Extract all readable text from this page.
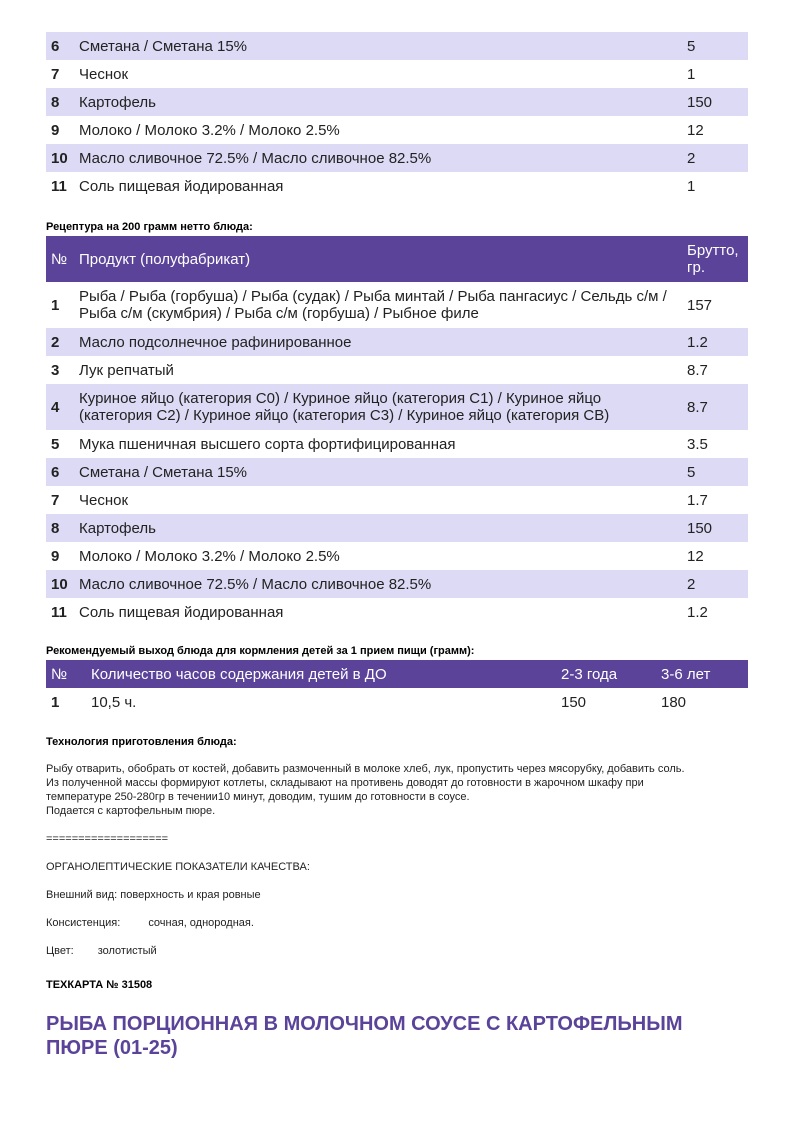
6	Сметана / Сметана 15%	5
7	Чеснок	1
8	Картофель	150
9	Молоко / Молоко 3.2% / Молоко 2.5%	12
10	Масло сливочное 72.5% / Масло сливочное 82.5%	2
11	Соль пищевая йодированная	1

Рецептура на 200 грамм нетто блюда:

№	Продукт (полуфабрикат)	Брутто, гр.
1	Рыба / Рыба (горбуша) / Рыба (судак) / Рыба минтай / Рыба пангасиус / Сельдь с/м / Рыба с/м (скумбрия) / Рыба с/м (горбуша) / Рыбное филе	157
2	Масло подсолнечное рафинированное	1.2
3	Лук репчатый	8.7
4	Куриное яйцо (категория С0) / Куриное яйцо (категория С1) / Куриное яйцо (категория С2) / Куриное яйцо (категория С3) / Куриное яйцо (категория СВ)	8.7
5	Мука пшеничная высшего сорта фортифицированная	3.5
6	Сметана / Сметана 15%	5
7	Чеснок	1.7
8	Картофель	150
9	Молоко / Молоко 3.2% / Молоко 2.5%	12
10	Масло сливочное 72.5% / Масло сливочное 82.5%	2
11	Соль пищевая йодированная	1.2

Рекомендуемый выход блюда для кормления детей за 1 прием пищи (грамм):

№	Количество часов содержания детей в ДО	2-3 года	3-6 лет
1	10,5 ч.	150	180

Технология приготовления блюда:

Рыбу отварить, обобрать от костей, добавить размоченный в молоке хлеб, лук, пропустить через мясорубку, добавить соль.

Из полученной массы формируют котлеты, складывают на противень доводят до готовности в жарочном шкафу при

температуре 250-280гр в течении10 минут, доводим, тушим до готовности в соусе.

Подается с картофельным пюре.

===================

ОРГАНОЛЕПТИЧЕСКИЕ ПОКАЗАТЕЛИ КАЧЕСТВА:

Внешний вид: поверхность и края ровные

Консистенция:	сочная, однородная.

Цвет: золотистый

ТЕХКАРТА № 31508

РЫБА ПОРЦИОННАЯ В МОЛОЧНОМ СОУСЕ С КАРТОФЕЛЬНЫМ ПЮРЕ (01-25)
